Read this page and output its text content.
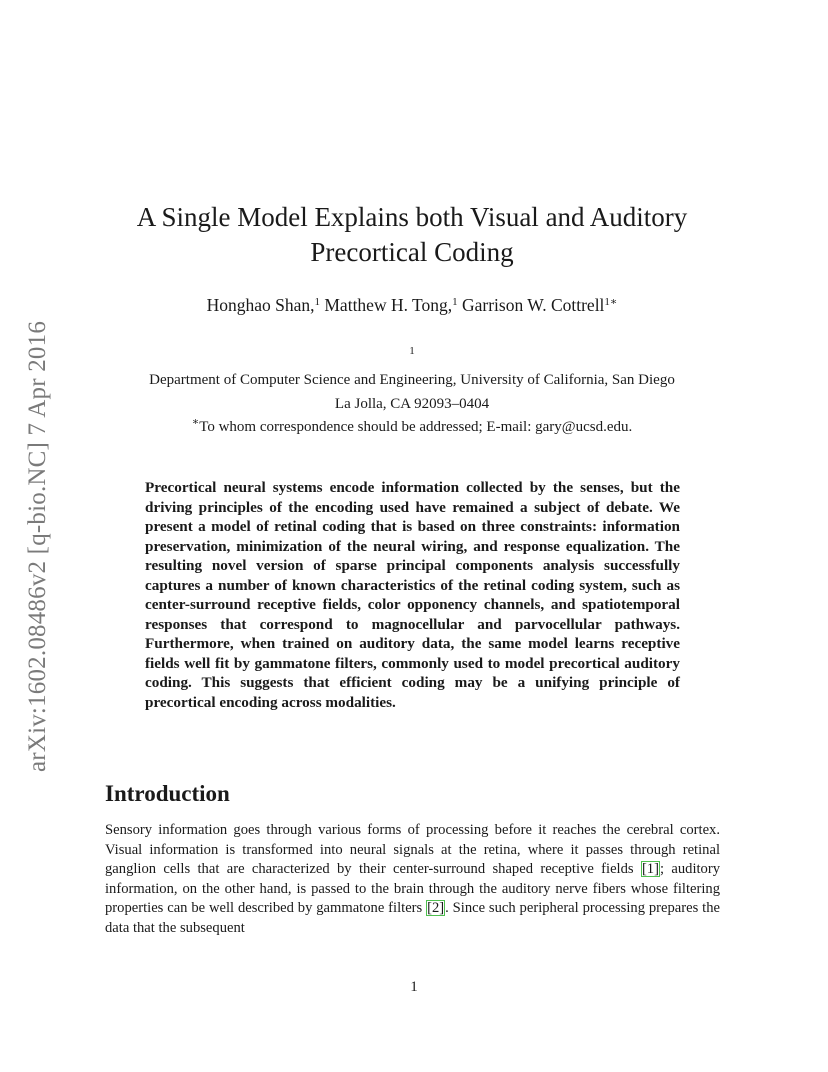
arXiv:1602.08486v2 [q-bio.NC] 7 Apr 2016
A Single Model Explains both Visual and Auditory
Precortical Coding
Honghao Shan,$^1$ Matthew H. Tong,$^1$ Garrison W. Cottrell$^{1∗}$
$^1$
Department of Computer Science and Engineering, University of California, San Diego
La Jolla, CA 92093–0404
∗To whom correspondence should be addressed; E-mail: gary@ucsd.edu.

Precortical neural systems encode information collected by the senses, but the driving principles of the encoding used have remained a subject of debate. We present a model of retinal coding that is based on three constraints: information preservation, minimization of the neural wiring, and response equalization. The resulting novel version of sparse principal components analysis successfully captures a number of known characteristics of the retinal coding system, such as center-surround receptive fields, color opponency channels, and spatiotemporal responses that correspond to magnocellular and parvocellular pathways. Furthermore, when trained on auditory data, the same model learns receptive fields well fit by gammatone filters, commonly used to model precortical auditory coding. This suggests that efficient coding may be a unifying principle of precortical encoding across modalities.

Introduction

Sensory information goes through various forms of processing before it reaches the cerebral cortex. Visual information is transformed into neural signals at the retina, where it passes through retinal ganglion cells that are characterized by their center-surround shaped receptive fields [1]; auditory information, on the other hand, is passed to the brain through the auditory nerve fibers whose filtering properties can be well described by gammatone filters [2]. Since such peripheral processing prepares the data that the subsequent

1
